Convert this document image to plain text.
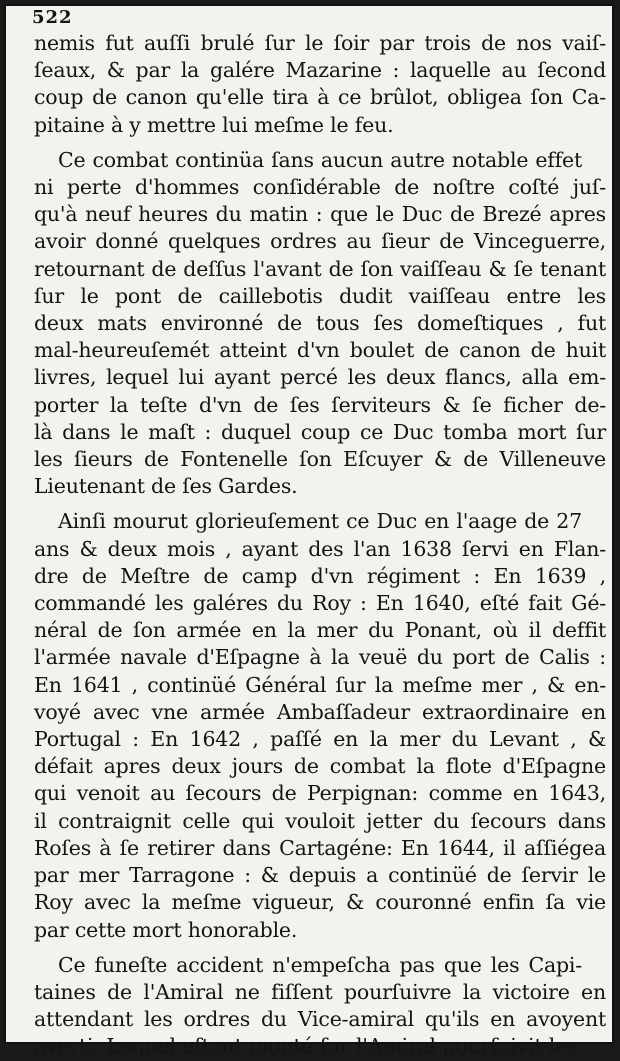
522

nemis fut auſſi brulé ſur le ſoir par trois de nos vaiſ-
ſeaux, & par la galére Mazarine : laquelle au ſecond
coup de canon qu'elle tira à ce brûlot, obligea ſon Ca-
pitaine à y mettre lui meſme le feu.

Ce combat continüa ſans aucun autre notable effet
ni perte d'hommes conſidérable de noſtre coſté juſ-
qu'à neuf heures du matin : que le Duc de Brezé apres
avoir donné quelques ordres au ſieur de Vinceguerre,
retournant de deſſus l'avant de ſon vaiſſeau & ſe tenant
ſur le pont de caillebotis dudit vaiſſeau entre les
deux mats environné de tous ſes domeſtiques , fut
mal-heureuſemét atteint d'vn boulet de canon de huit
livres, lequel lui ayant percé les deux flancs, alla em-
porter la teſte d'vn de ſes ſerviteurs & ſe ficher de-
là dans le maſt : duquel coup ce Duc tomba mort ſur
les ſieurs de Fontenelle ſon Eſcuyer & de Villeneuve
Lieutenant de ſes Gardes.

Ainſi mourut glorieuſement ce Duc en l'aage de 27
ans & deux mois , ayant des l'an 1638 ſervi en Flan-
dre de Meſtre de camp d'vn régiment : En 1639 ,
commandé les galéres du Roy : En 1640, eſté fait Gé-
néral de ſon armée en la mer du Ponant, où il deffit
l'armée navale d'Eſpagne à la veuë du port de Calis :
En 1641 , continüé Général ſur la meſme mer , & en-
voyé avec vne armée Ambaſſadeur extraordinaire en
Portugal : En 1642 , paſſé en la mer du Levant , &
défait apres deux jours de combat la flote d'Eſpagne
qui venoit au ſecours de Perpignan: comme en 1643,
il contraignit celle qui vouloit jetter du ſecours dans
Roſes à ſe retirer dans Cartagéne: En 1644, il aſſiégea
par mer Tarragone : & depuis a continüé de ſervir le
Roy avec la meſme vigueur, & couronné enfin ſa vie
par cette mort honorable.

Ce funeſte accident n'empeſcha pas que les Capi-
taines de l'Amiral ne fiſſent pourſuivre la victoire en
attendant les ordres du Vice-amiral qu'ils en avoyent
averti: Lequel eſtant monté ſur l'Amiral pourſuivit les
